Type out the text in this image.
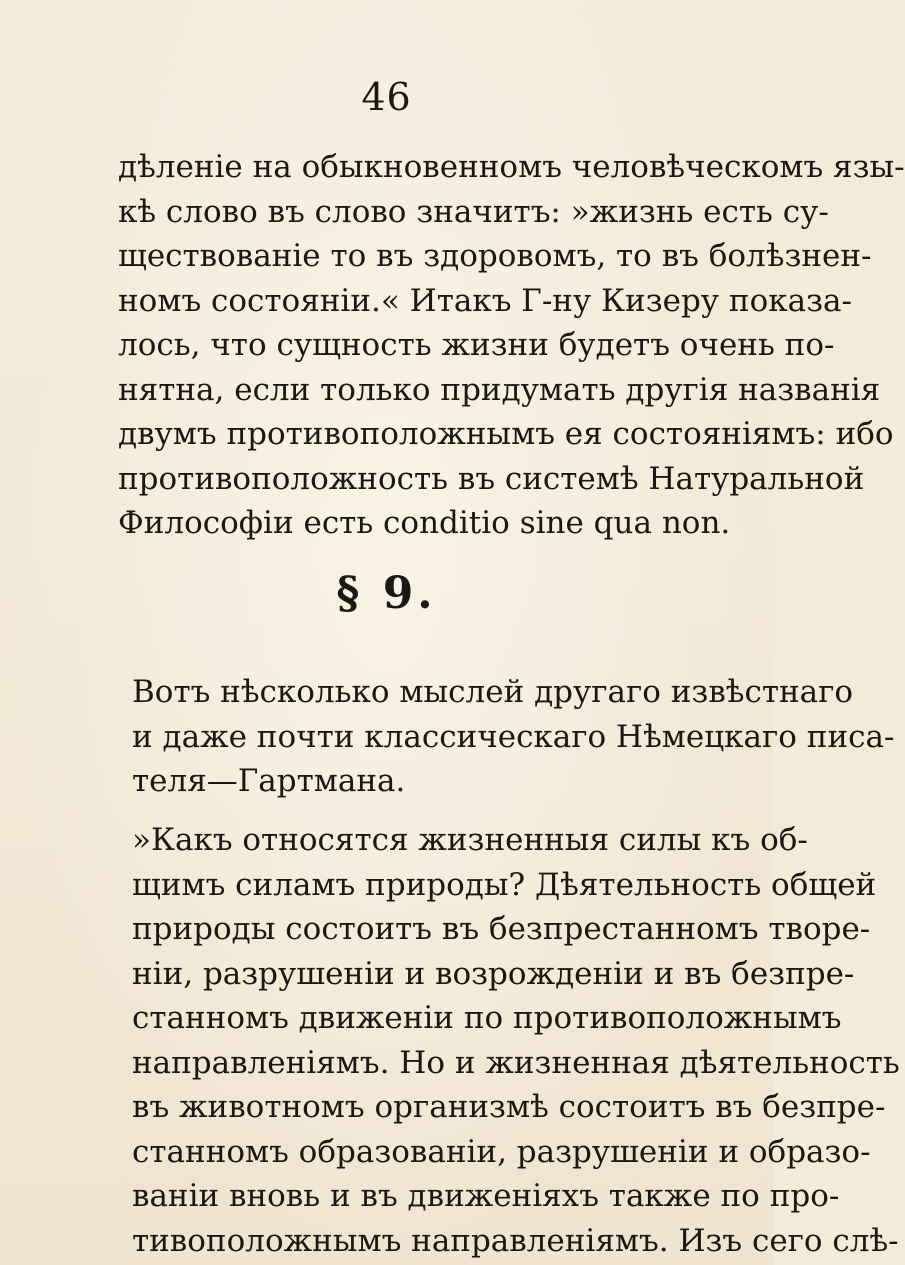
46
дѣленіе на обыкновенномъ человѣческомъ язы-
кѣ слово въ слово значитъ: »жизнь есть су-
ществованіе то въ здоровомъ, то въ болѣзнен-
номъ состояніи.« Итакъ Г-ну Кизеру показа-
лось, что сущность жизни будетъ очень по-
нятна, если только придумать другія названія
двумъ противоположнымъ ея состояніямъ: ибо
противоположность въ системѣ Натуральной
Философіи есть conditio sine qua non.
§ 9.
Вотъ нѣсколько мыслей другаго извѣстнаго
и даже почти классическаго Нѣмецкаго писа-
теля—Гартмана.
»Какъ относятся жизненныя силы къ об-
щимъ силамъ природы? Дѣятельность общей
природы состоитъ въ безпрестанномъ творе-
ніи, разрушеніи и возрожденіи и въ безпре-
станномъ движеніи по противоположнымъ
направленіямъ. Но и жизненная дѣятельность
въ животномъ организмѣ состоитъ въ безпре-
станномъ образованіи, разрушеніи и образо-
ваніи вновь и въ движеніяхъ также по про-
тивоположнымъ направленіямъ. Изъ сего слѣ-
